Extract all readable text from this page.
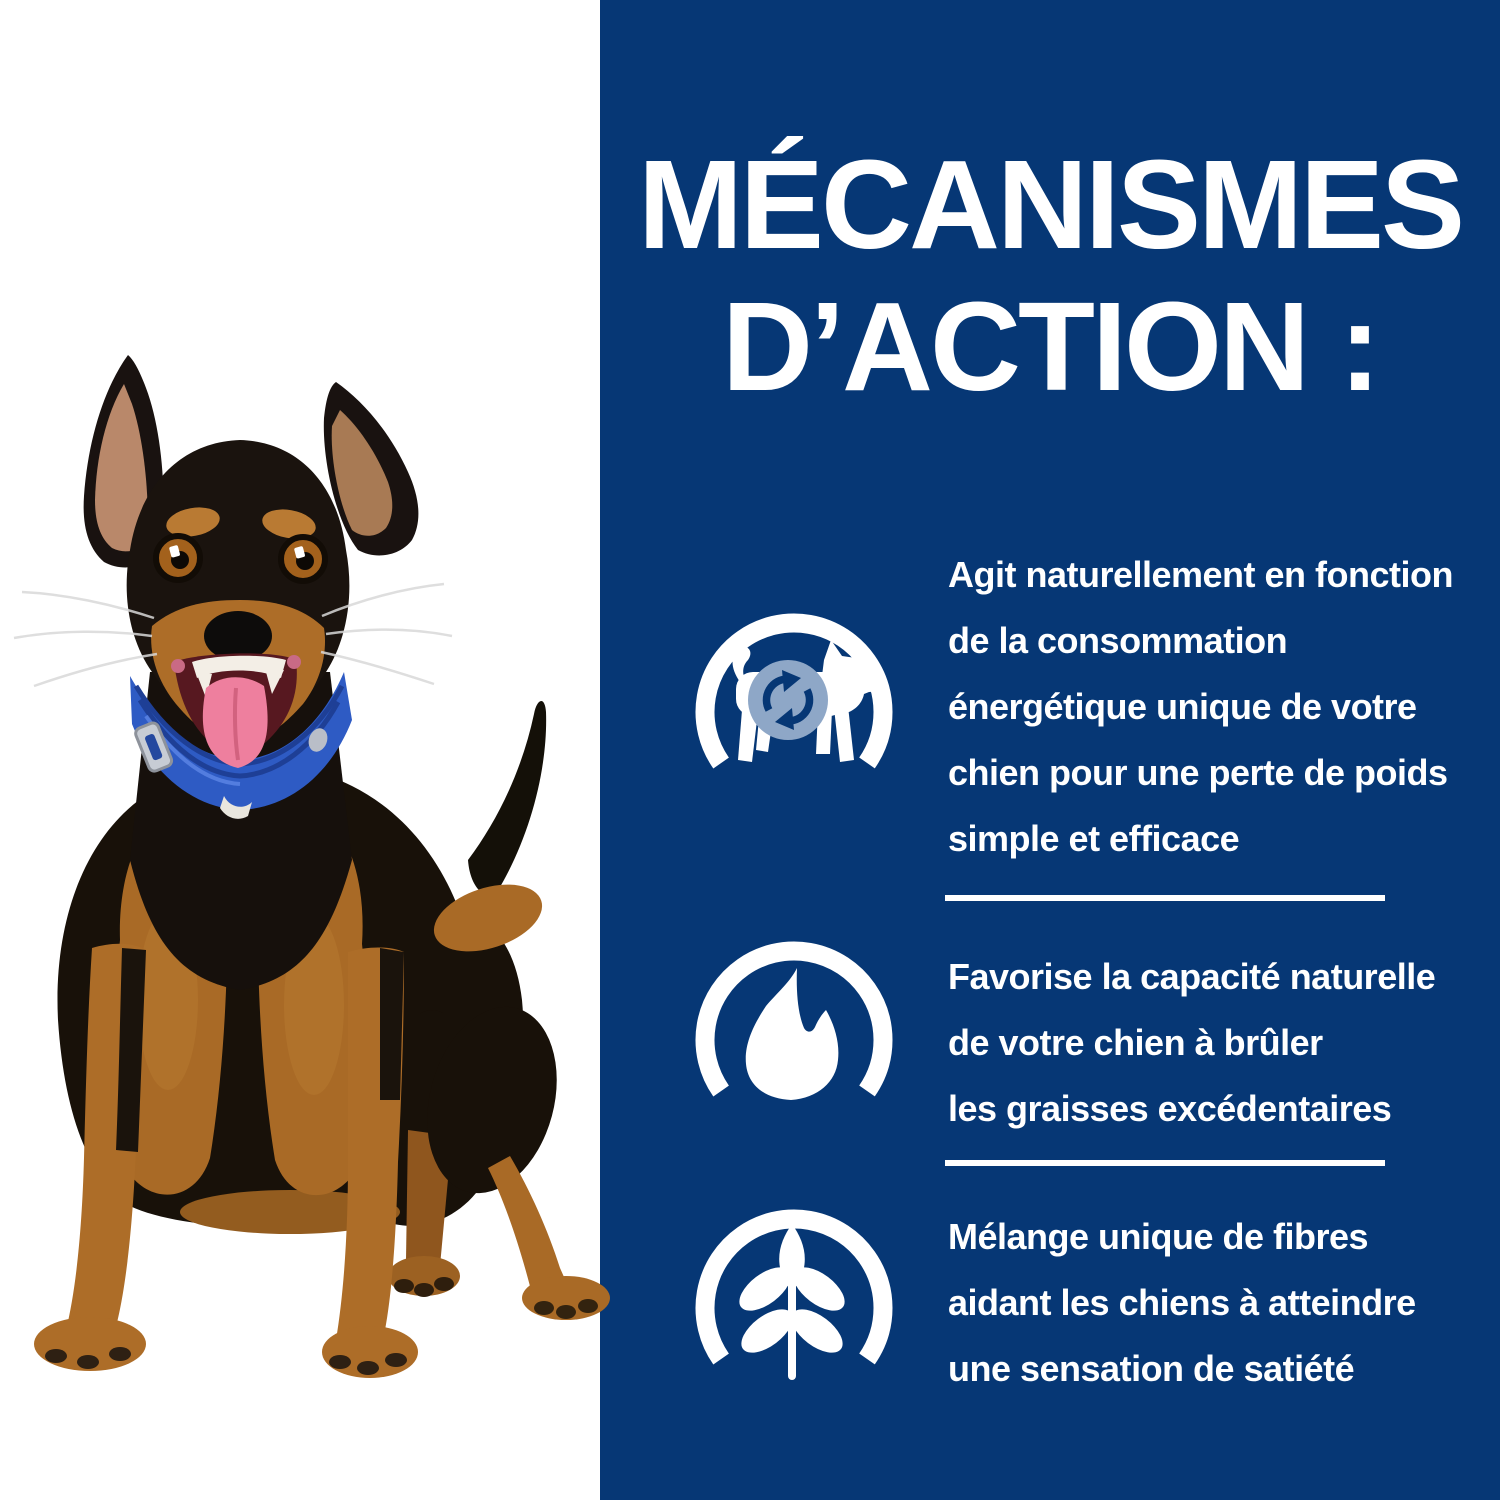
MÉCANISMES
D’ACTION :
Agit naturellement en fonction
de la consommation
énergétique unique de votre
chien pour une perte de poids
simple et efficace
Favorise la capacité naturelle
de votre chien à brûler
les graisses excédentaires
Mélange unique de fibres
aidant les chiens à atteindre
une sensation de satiété
